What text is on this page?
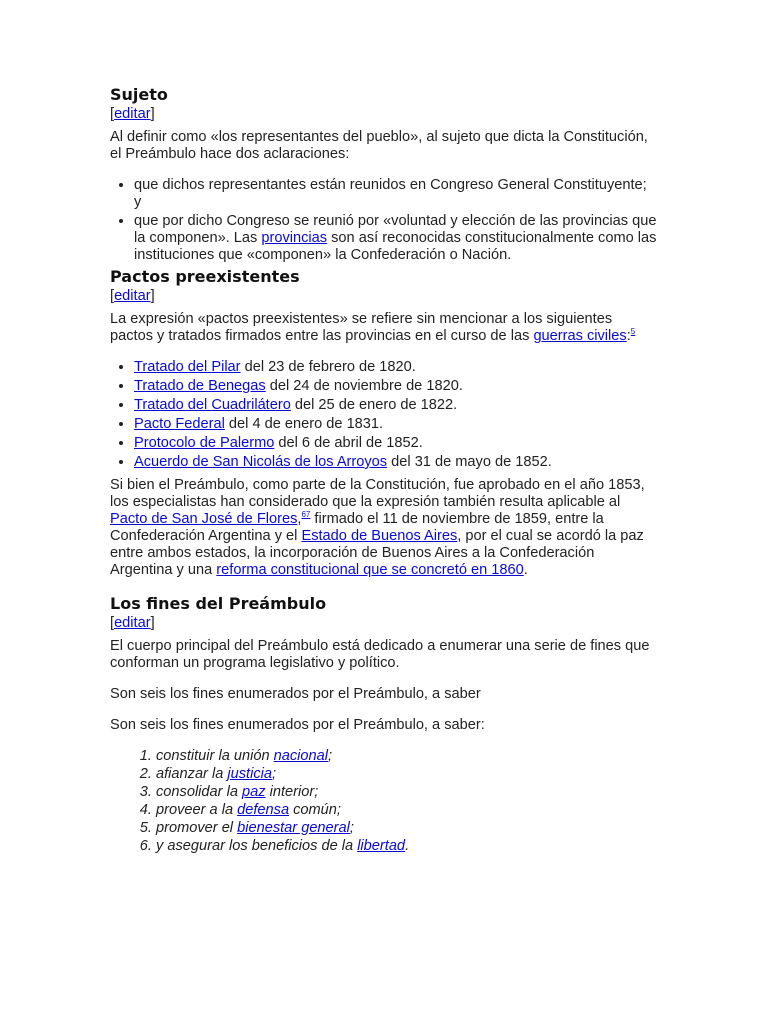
Sujeto
[editar]

Al definir como «los representantes del pueblo», al sujeto que dicta la Constitución, el Preámbulo hace dos aclaraciones:

• que dichos representantes están reunidos en Congreso General Constituyente; y
• que por dicho Congreso se reunió por «voluntad y elección de las provincias que la componen». Las provincias son así reconocidas constitucionalmente como las instituciones que «componen» la Confederación o Nación.
Pactos preexistentes
[editar]

La expresión «pactos preexistentes» se refiere sin mencionar a los siguientes pactos y tratados firmados entre las provincias en el curso de las guerras civiles:$^5$

• Tratado del Pilar del 23 de febrero de 1820.
• Tratado de Benegas del 24 de noviembre de 1820.
• Tratado del Cuadrilátero del 25 de enero de 1822.
• Pacto Federal del 4 de enero de 1831.
• Protocolo de Palermo del 6 de abril de 1852.
• Acuerdo de San Nicolás de los Arroyos del 31 de mayo de 1852.

Si bien el Preámbulo, como parte de la Constitución, fue aprobado en el año 1853, los especialistas han considerado que la expresión también resulta aplicable al Pacto de San José de Flores,$^{67}$ firmado el 11 de noviembre de 1859, entre la Confederación Argentina y el Estado de Buenos Aires, por el cual se acordó la paz entre ambos estados, la incorporación de Buenos Aires a la Confederación Argentina y una reforma constitucional que se concretó en 1860.

Los fines del Preámbulo
[editar]

El cuerpo principal del Preámbulo está dedicado a enumerar una serie de fines que conforman un programa legislativo y político.

Son seis los fines enumerados por el Preámbulo, a saber

Son seis los fines enumerados por el Preámbulo, a saber:

1. constituir la unión nacional;
2. afianzar la justicia;
3. consolidar la paz interior;
4. proveer a la defensa común;
5. promover el bienestar general;
6. y asegurar los beneficios de la libertad.
